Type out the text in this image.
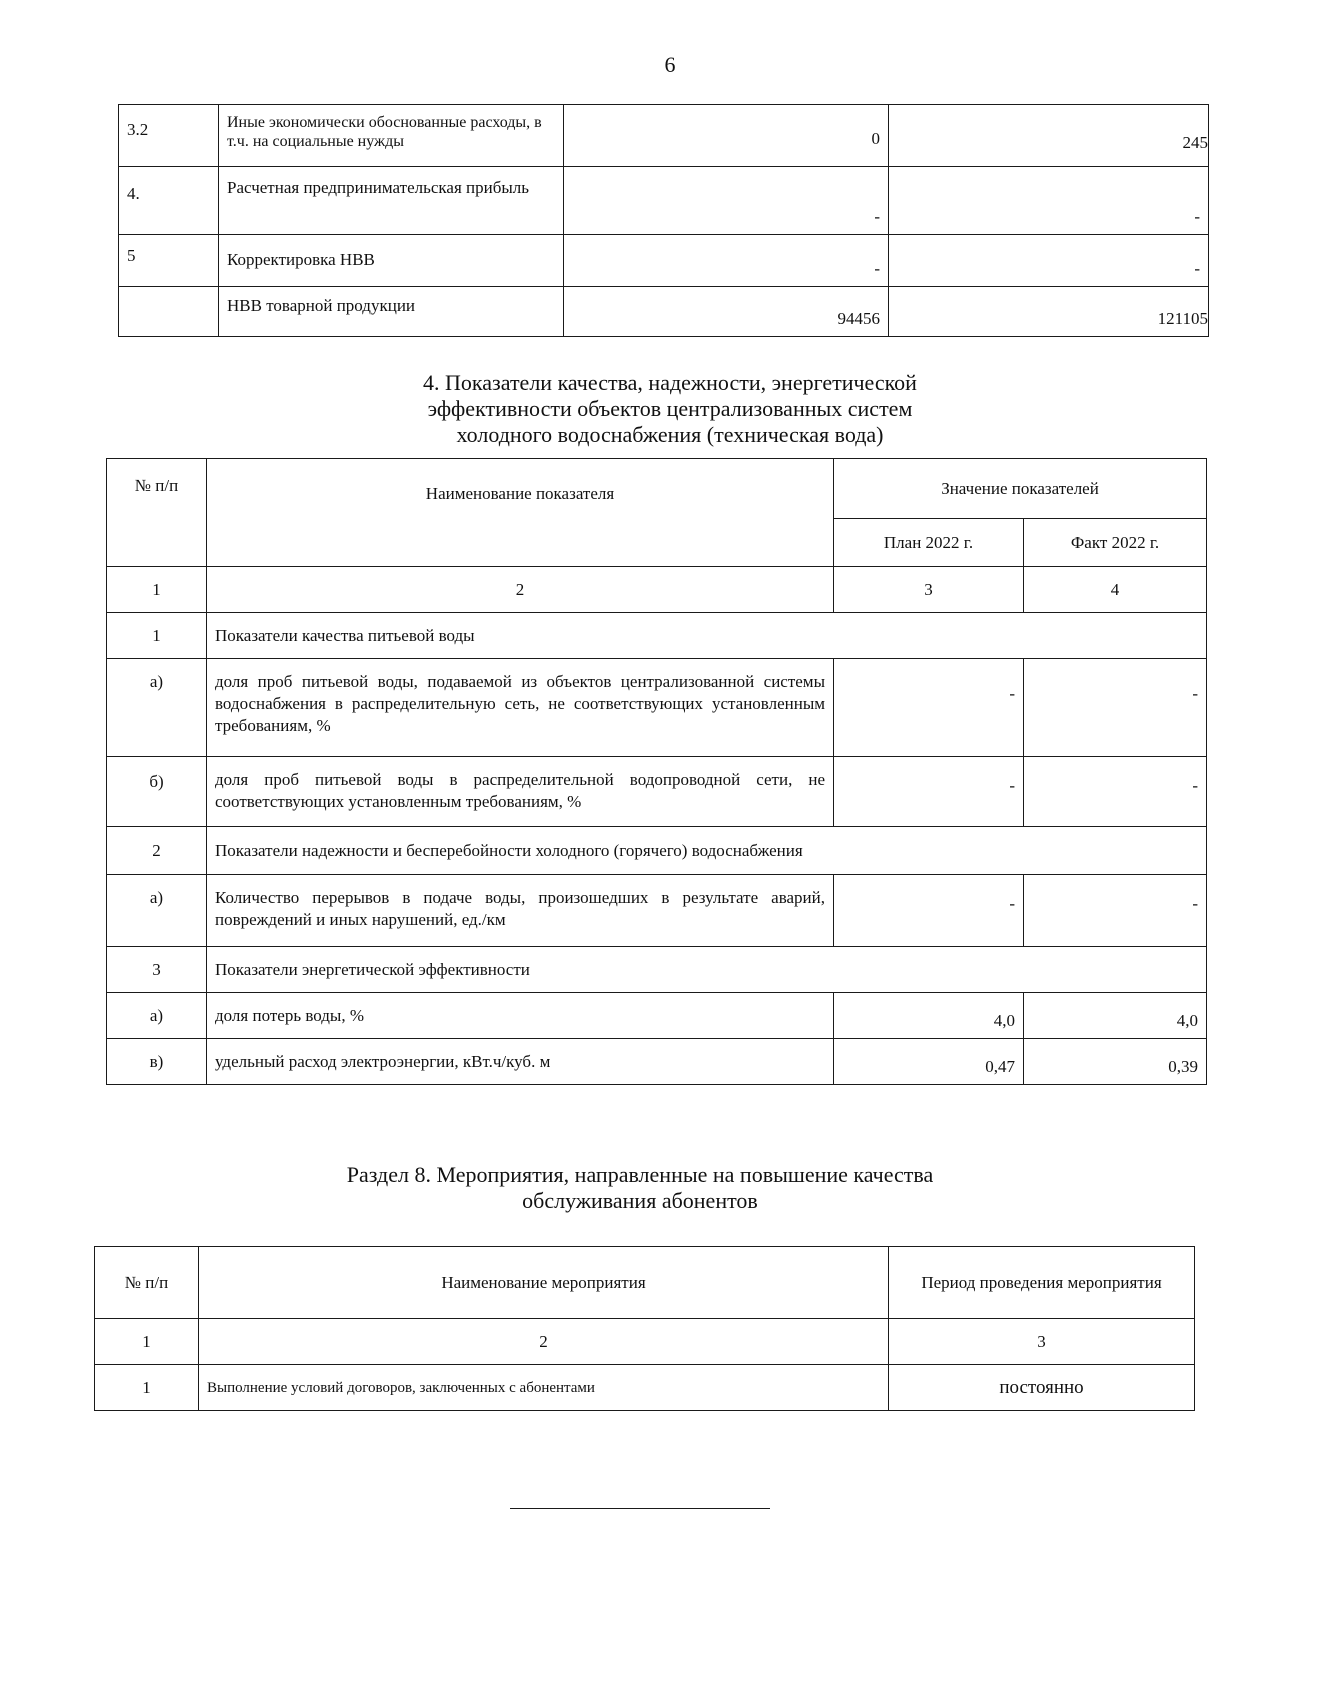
6
3.2	Иные экономически обоснованные расходы, в т.ч. на социальные нужды	0	245
4.	Расчетная предпринимательская прибыль	-	-
5	Корректировка НВВ	-	-
	НВВ товарной продукции	94456	121105
4. Показатели качества, надежности, энергетической
эффективности объектов централизованных систем
холодного водоснабжения (техническая вода)
№ п/п	Наименование показателя	Значение показателей	
		План 2022 г.	Факт 2022 г.
1	2	3	4
1	Показатели качества питьевой воды		
а)	доля проб питьевой воды, подаваемой из объектов централизованной системы водоснабжения в распределительную сеть, не соответствующих установленным требованиям, %	-	-
б)	доля проб питьевой воды в распределительной водопроводной сети, не соответствующих установленным требованиям, %	-	-
2	Показатели надежности и бесперебойности холодного (горячего) водоснабжения		
а)	Количество перерывов в подаче воды, произошедших в результате аварий, повреждений и иных нарушений, ед./км	-	-
3	Показатели энергетической эффективности		
а)	доля потерь воды, %	4,0	4,0
в)	удельный расход электроэнергии, кВт.ч/куб. м	0,47	0,39
Раздел 8. Мероприятия, направленные на повышение качества
обслуживания абонентов
№ п/п	Наименование мероприятия	Период проведения мероприятия
1	2	3
1	Выполнение условий договоров, заключенных с абонентами	постоянно
